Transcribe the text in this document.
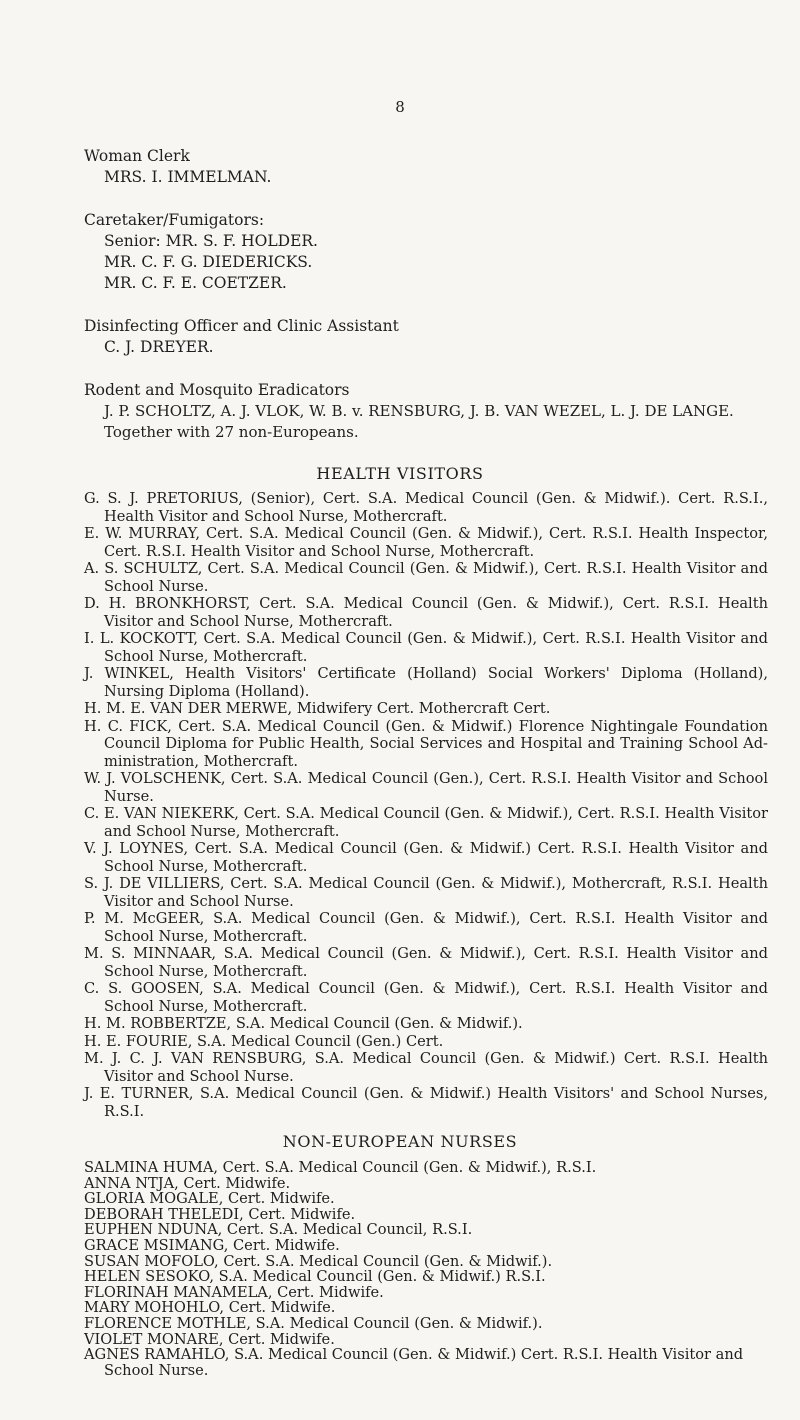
8
Woman Clerk
MRS. I. IMMELMAN.
Caretaker/Fumigators:
Senior: MR. S. F. HOLDER.
MR. C. F. G. DIEDERICKS.
MR. C. F. E. COETZER.
Disinfecting Officer and Clinic Assistant
C. J. DREYER.
Rodent and Mosquito Eradicators
J. P. SCHOLTZ, A. J. VLOK, W. B. v. RENSBURG, J. B. VAN WEZEL, L. J. DE LANGE.
Together with 27 non-Europeans.
HEALTH VISITORS
G. S. J. PRETORIUS, (Senior), Cert. S.A. Medical Council (Gen. & Midwif.). Cert. R.S.I., Health Visitor and School Nurse, Mothercraft.
E. W. MURRAY, Cert. S.A. Medical Council (Gen. & Midwif.), Cert. R.S.I. Health Inspector, Cert. R.S.I. Health Visitor and School Nurse, Mothercraft.
A. S. SCHULTZ, Cert. S.A. Medical Council (Gen. & Midwif.), Cert. R.S.I. Health Visitor and School Nurse.
D. H. BRONKHORST, Cert. S.A. Medical Council (Gen. & Midwif.), Cert. R.S.I. Health Visitor and School Nurse, Mothercraft.
I. L. KOCKOTT, Cert. S.A. Medical Council (Gen. & Midwif.), Cert. R.S.I. Health Visitor and School Nurse, Mothercraft.
J. WINKEL, Health Visitors' Certificate (Holland) Social Workers' Diploma (Holland), Nursing Diploma (Holland).
H. M. E. VAN DER MERWE, Midwifery Cert. Mothercraft Cert.
H. C. FICK, Cert. S.A. Medical Council (Gen. & Midwif.) Florence Nightingale Foundation Council Diploma for Public Health, Social Services and Hospital and Training School Ad-ministration, Mothercraft.
W. J. VOLSCHENK, Cert. S.A. Medical Council (Gen.), Cert. R.S.I. Health Visitor and School Nurse.
C. E. VAN NIEKERK, Cert. S.A. Medical Council (Gen. & Midwif.), Cert. R.S.I. Health Visitor and School Nurse, Mothercraft.
V. J. LOYNES, Cert. S.A. Medical Council (Gen. & Midwif.) Cert. R.S.I. Health Visitor and School Nurse, Mothercraft.
S. J. DE VILLIERS, Cert. S.A. Medical Council (Gen. & Midwif.), Mothercraft, R.S.I. Health Visitor and School Nurse.
P. M. McGEER, S.A. Medical Council (Gen. & Midwif.), Cert. R.S.I. Health Visitor and School Nurse, Mothercraft.
M. S. MINNAAR, S.A. Medical Council (Gen. & Midwif.), Cert. R.S.I. Health Visitor and School Nurse, Mothercraft.
C. S. GOOSEN, S.A. Medical Council (Gen. & Midwif.), Cert. R.S.I. Health Visitor and School Nurse, Mothercraft.
H. M. ROBBERTZE, S.A. Medical Council (Gen. & Midwif.).
H. E. FOURIE, S.A. Medical Council (Gen.) Cert.
M. J. C. J. VAN RENSBURG, S.A. Medical Council (Gen. & Midwif.) Cert. R.S.I. Health Visitor and School Nurse.
J. E. TURNER, S.A. Medical Council (Gen. & Midwif.) Health Visitors' and School Nurses, R.S.I.
NON-EUROPEAN NURSES
SALMINA HUMA, Cert. S.A. Medical Council (Gen. & Midwif.), R.S.I.
ANNA NTJA, Cert. Midwife.
GLORIA MOGALE, Cert. Midwife.
DEBORAH THELEDI, Cert. Midwife.
EUPHEN NDUNA, Cert. S.A. Medical Council, R.S.I.
GRACE MSIMANG, Cert. Midwife.
SUSAN MOFOLO, Cert. S.A. Medical Council (Gen. & Midwif.).
HELEN SESOKO, S.A. Medical Council (Gen. & Midwif.) R.S.I.
FLORINAH MANAMELA, Cert. Midwife.
MARY MOHOHLO, Cert. Midwife.
FLORENCE MOTHLE, S.A. Medical Council (Gen. & Midwif.).
VIOLET MONARE, Cert. Midwife.
AGNES RAMAHLO, S.A. Medical Council (Gen. & Midwif.) Cert. R.S.I. Health Visitor and School Nurse.
